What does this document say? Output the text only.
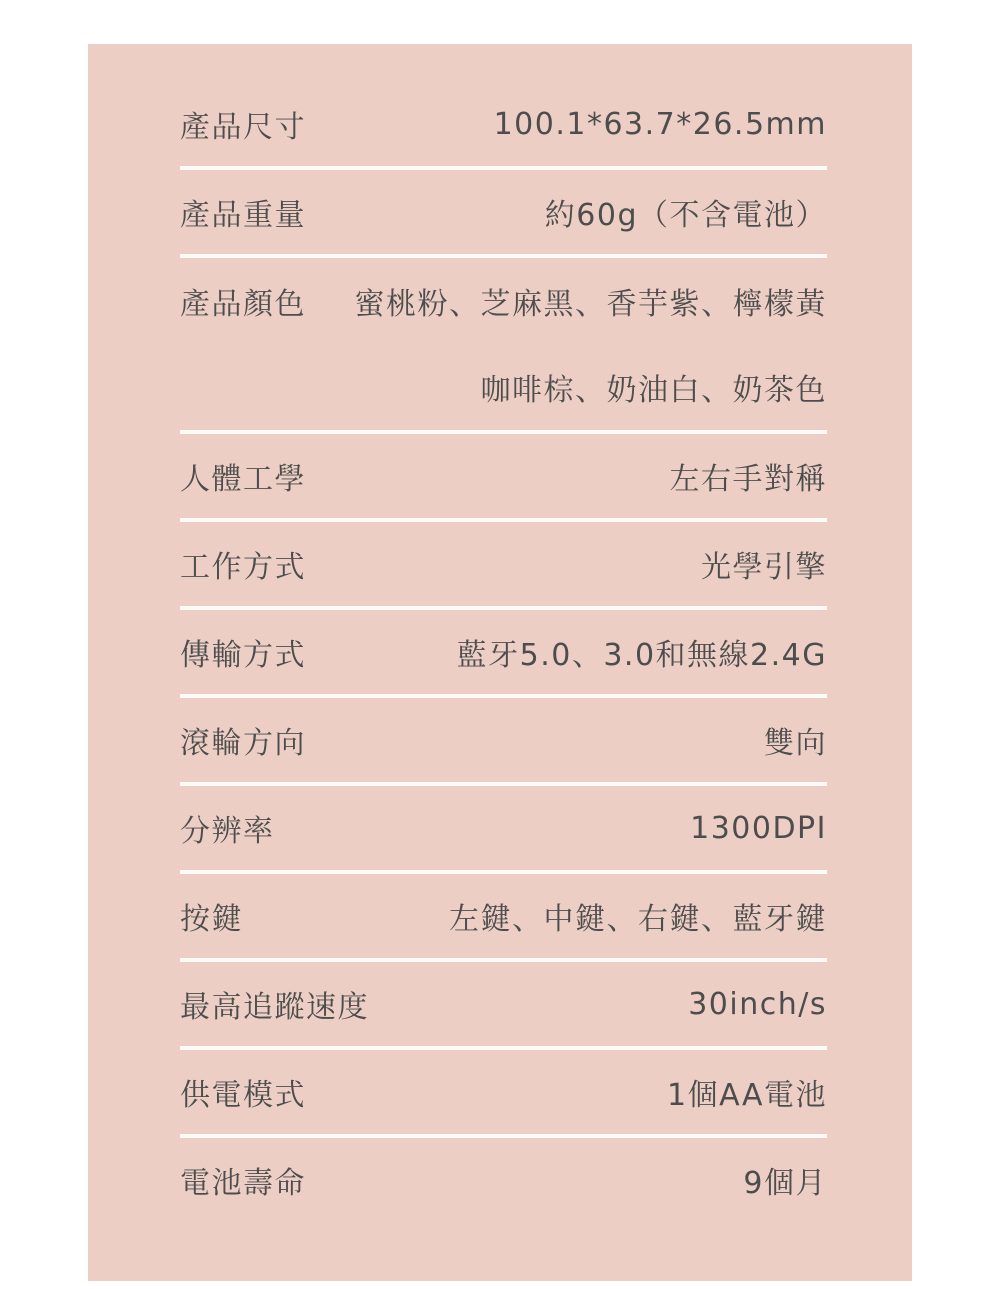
產品尺寸	100.1*63.7*26.5mm
產品重量	約60g（不含電池）
產品顏色	蜜桃粉、芝麻黑、香芋紫、檸檬黃
咖啡棕、奶油白、奶茶色
人體工學	左右手對稱
工作方式	光學引擎
傳輸方式	藍牙5.0、3.0和無線2.4G
滾輪方向	雙向
分辨率	1300DPI
按鍵	左鍵、中鍵、右鍵、藍牙鍵
最高追蹤速度	30inch/s
供電模式	1個AA電池
電池壽命	9個月
